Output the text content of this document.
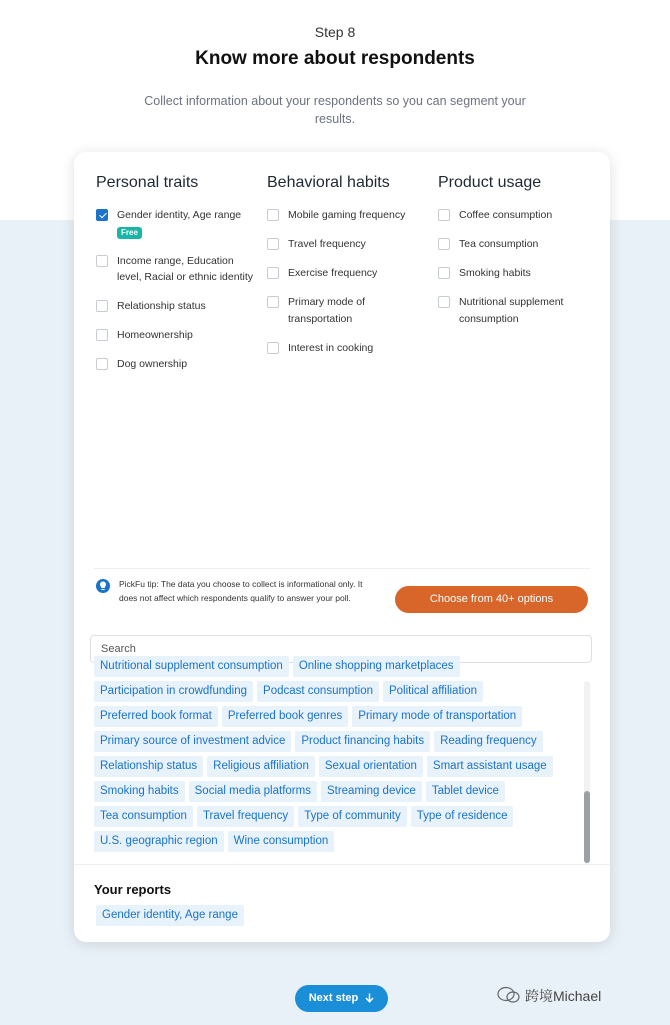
Step 8
Know more about respondents
Collect information about your respondents so you can segment your results.
Personal traits
Gender identity, Age range
Free
Income range, Education level, Racial or ethnic identity
Relationship status
Homeownership
Dog ownership
Behavioral habits
Mobile gaming frequency
Travel frequency
Exercise frequency
Primary mode of transportation
Interest in cooking
Product usage
Coffee consumption
Tea consumption
Smoking habits
Nutritional supplement consumption
PickFu tip: The data you choose to collect is informational only. It does not affect which respondents qualify to answer your poll.	Choose from 40+ options
Search
Nutritional supplement consumption Online shopping marketplacesParticipation in crowdfunding Podcast consumption Political affiliationPreferred book format Preferred book genres Primary mode of transportationPrimary source of investment advice Product financing habits Reading frequencyRelationship status Religious affiliation Sexual orientation Smart assistant usageSmoking habits Social media platforms Streaming device Tablet deviceTea consumption Travel frequency Type of community Type of residenceU.S. geographic region Wine consumption
Your reports
Gender identity, Age range
Next step	跨境Michael
